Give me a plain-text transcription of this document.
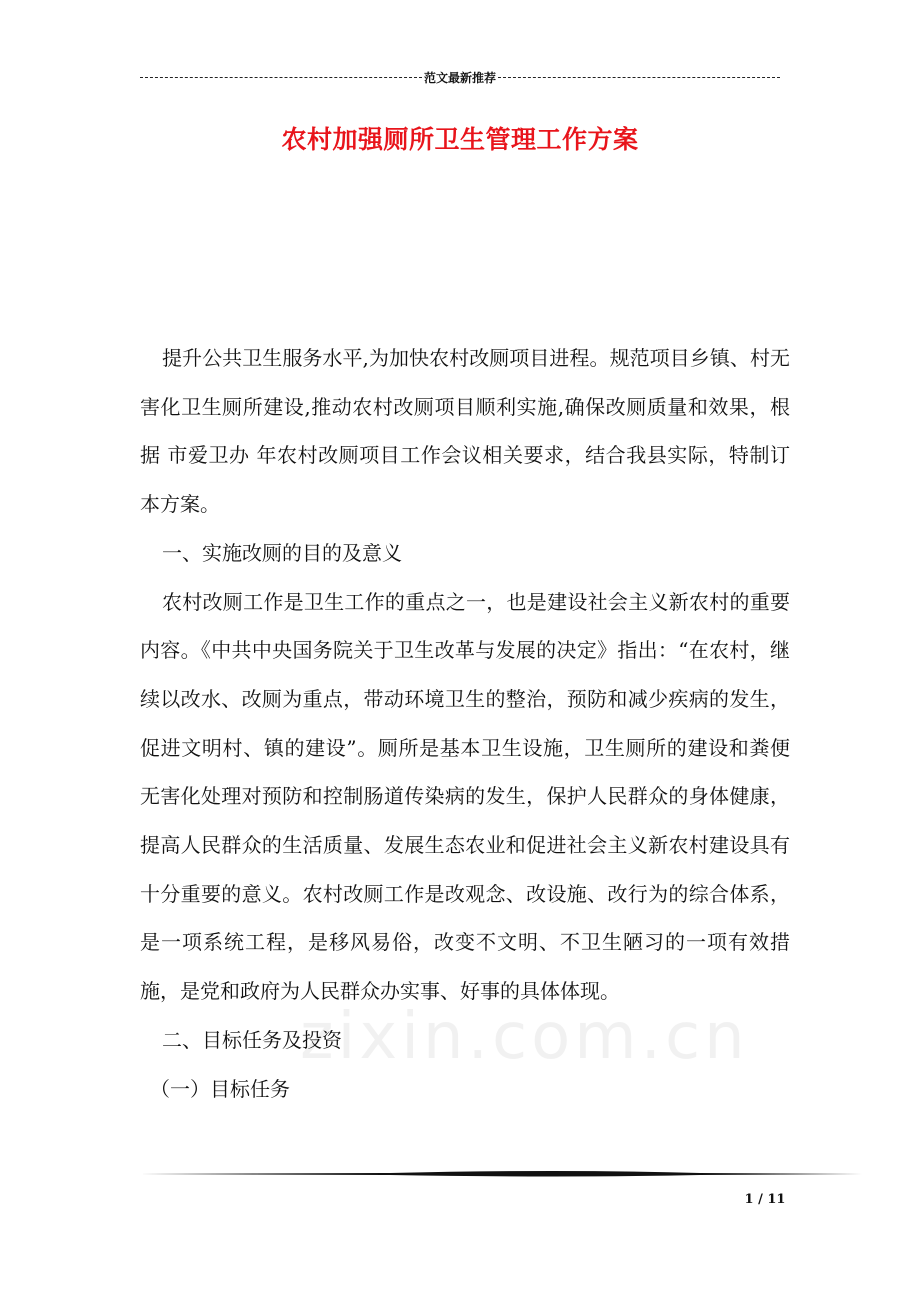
范文最新推荐
农村加强厕所卫生管理工作方案

提升公共卫生服务水平,为加快农村改厕项目进程。规范项目乡镇、村无害化卫生厕所建设,推动农村改厕项目顺利实施,确保改厕质量和效果，根据 市爱卫办 年农村改厕项目工作会议相关要求，结合我县实际，特制订本方案。

一、实施改厕的目的及意义

农村改厕工作是卫生工作的重点之一，也是建设社会主义新农村的重要内容。《中共中央国务院关于卫生改革与发展的决定》指出：“在农村，继续以改水、改厕为重点，带动环境卫生的整治，预防和减少疾病的发生，促进文明村、镇的建设”。厕所是基本卫生设施，卫生厕所的建设和粪便无害化处理对预防和控制肠道传染病的发生，保护人民群众的身体健康，提高人民群众的生活质量、发展生态农业和促进社会主义新农村建设具有十分重要的意义。农村改厕工作是改观念、改设施、改行为的综合体系，是一项系统工程，是移风易俗，改变不文明、不卫生陋习的一项有效措施，是党和政府为人民群众办实事、好事的具体体现。

二、目标任务及投资

（一）目标任务

zixin.com.cn
1 / 11
